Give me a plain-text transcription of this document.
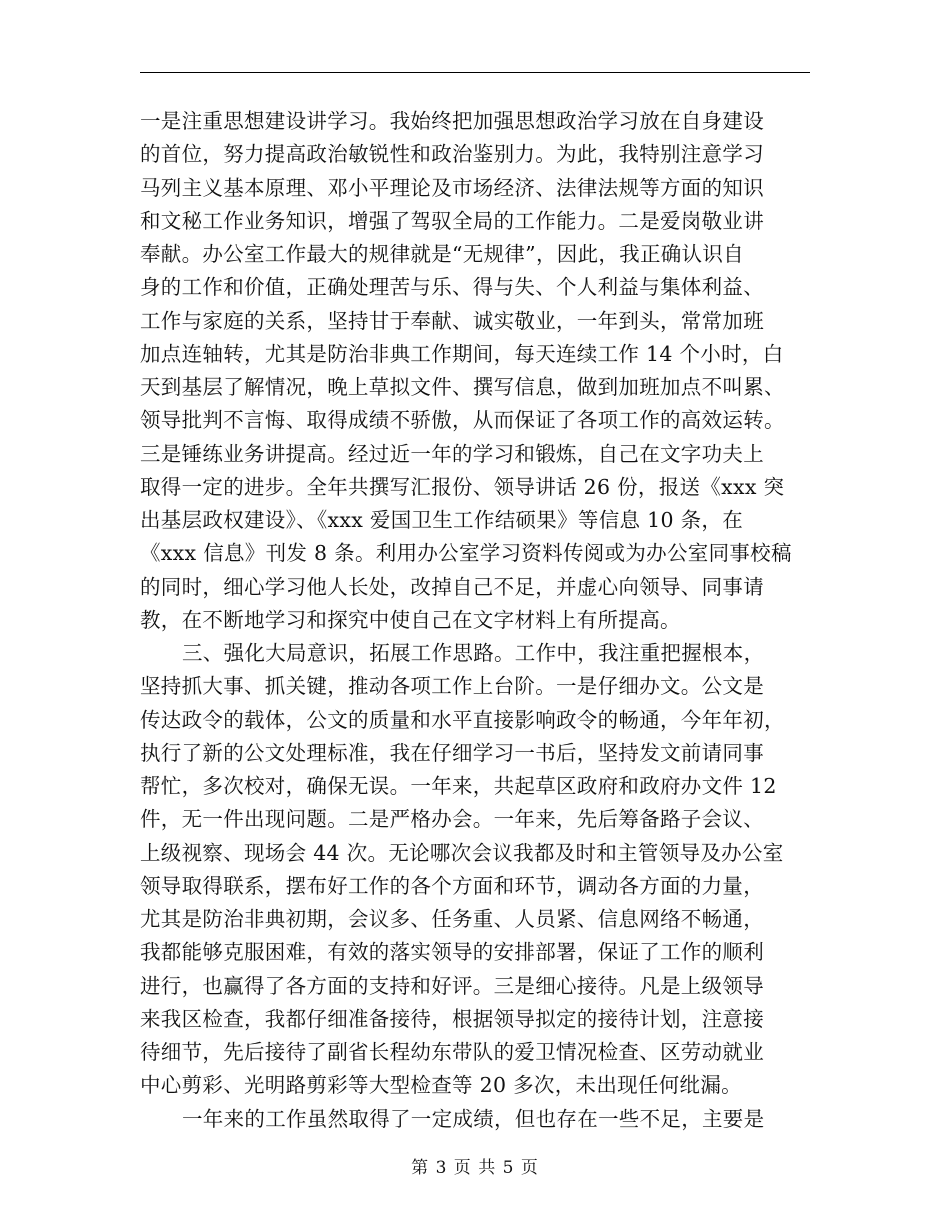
一是注重思想建设讲学习。我始终把加强思想政治学习放在自身建设
的首位，努力提高政治敏锐性和政治鉴别力。为此，我特别注意学习
马列主义基本原理、邓小平理论及市场经济、法律法规等方面的知识
和文秘工作业务知识，增强了驾驭全局的工作能力。二是爱岗敬业讲
奉献。办公室工作最大的规律就是“无规律”，因此，我正确认识自
身的工作和价值，正确处理苦与乐、得与失、个人利益与集体利益、
工作与家庭的关系，坚持甘于奉献、诚实敬业，一年到头，常常加班
加点连轴转，尤其是防治非典工作期间，每天连续工作 14 个小时，白
天到基层了解情况，晚上草拟文件、撰写信息，做到加班加点不叫累、
领导批判不言悔、取得成绩不骄傲，从而保证了各项工作的高效运转。
三是锤练业务讲提高。经过近一年的学习和锻炼，自己在文字功夫上
取得一定的进步。全年共撰写汇报份、领导讲话 26 份，报送《xxx 突
出基层政权建设》、《xxx 爱国卫生工作结硕果》等信息 10 条，在
《xxx 信息》刊发 8 条。利用办公室学习资料传阅或为办公室同事校稿
的同时，细心学习他人长处，改掉自己不足，并虚心向领导、同事请
教，在不断地学习和探究中使自己在文字材料上有所提高。
三、强化大局意识，拓展工作思路。工作中，我注重把握根本，
坚持抓大事、抓关键，推动各项工作上台阶。一是仔细办文。公文是
传达政令的载体，公文的质量和水平直接影响政令的畅通，今年年初，
执行了新的公文处理标准，我在仔细学习一书后，坚持发文前请同事
帮忙，多次校对，确保无误。一年来，共起草区政府和政府办文件 12
件，无一件出现问题。二是严格办会。一年来，先后筹备路子会议、
上级视察、现场会 44 次。无论哪次会议我都及时和主管领导及办公室
领导取得联系，摆布好工作的各个方面和环节，调动各方面的力量，
尤其是防治非典初期，会议多、任务重、人员紧、信息网络不畅通，
我都能够克服困难，有效的落实领导的安排部署，保证了工作的顺利
进行，也赢得了各方面的支持和好评。三是细心接待。凡是上级领导
来我区检查，我都仔细准备接待，根据领导拟定的接待计划，注意接
待细节，先后接待了副省长程幼东带队的爱卫情况检查、区劳动就业
中心剪彩、光明路剪彩等大型检查等 20 多次，未出现任何纰漏。
一年来的工作虽然取得了一定成绩，但也存在一些不足，主要是
第 3 页 共 5 页
